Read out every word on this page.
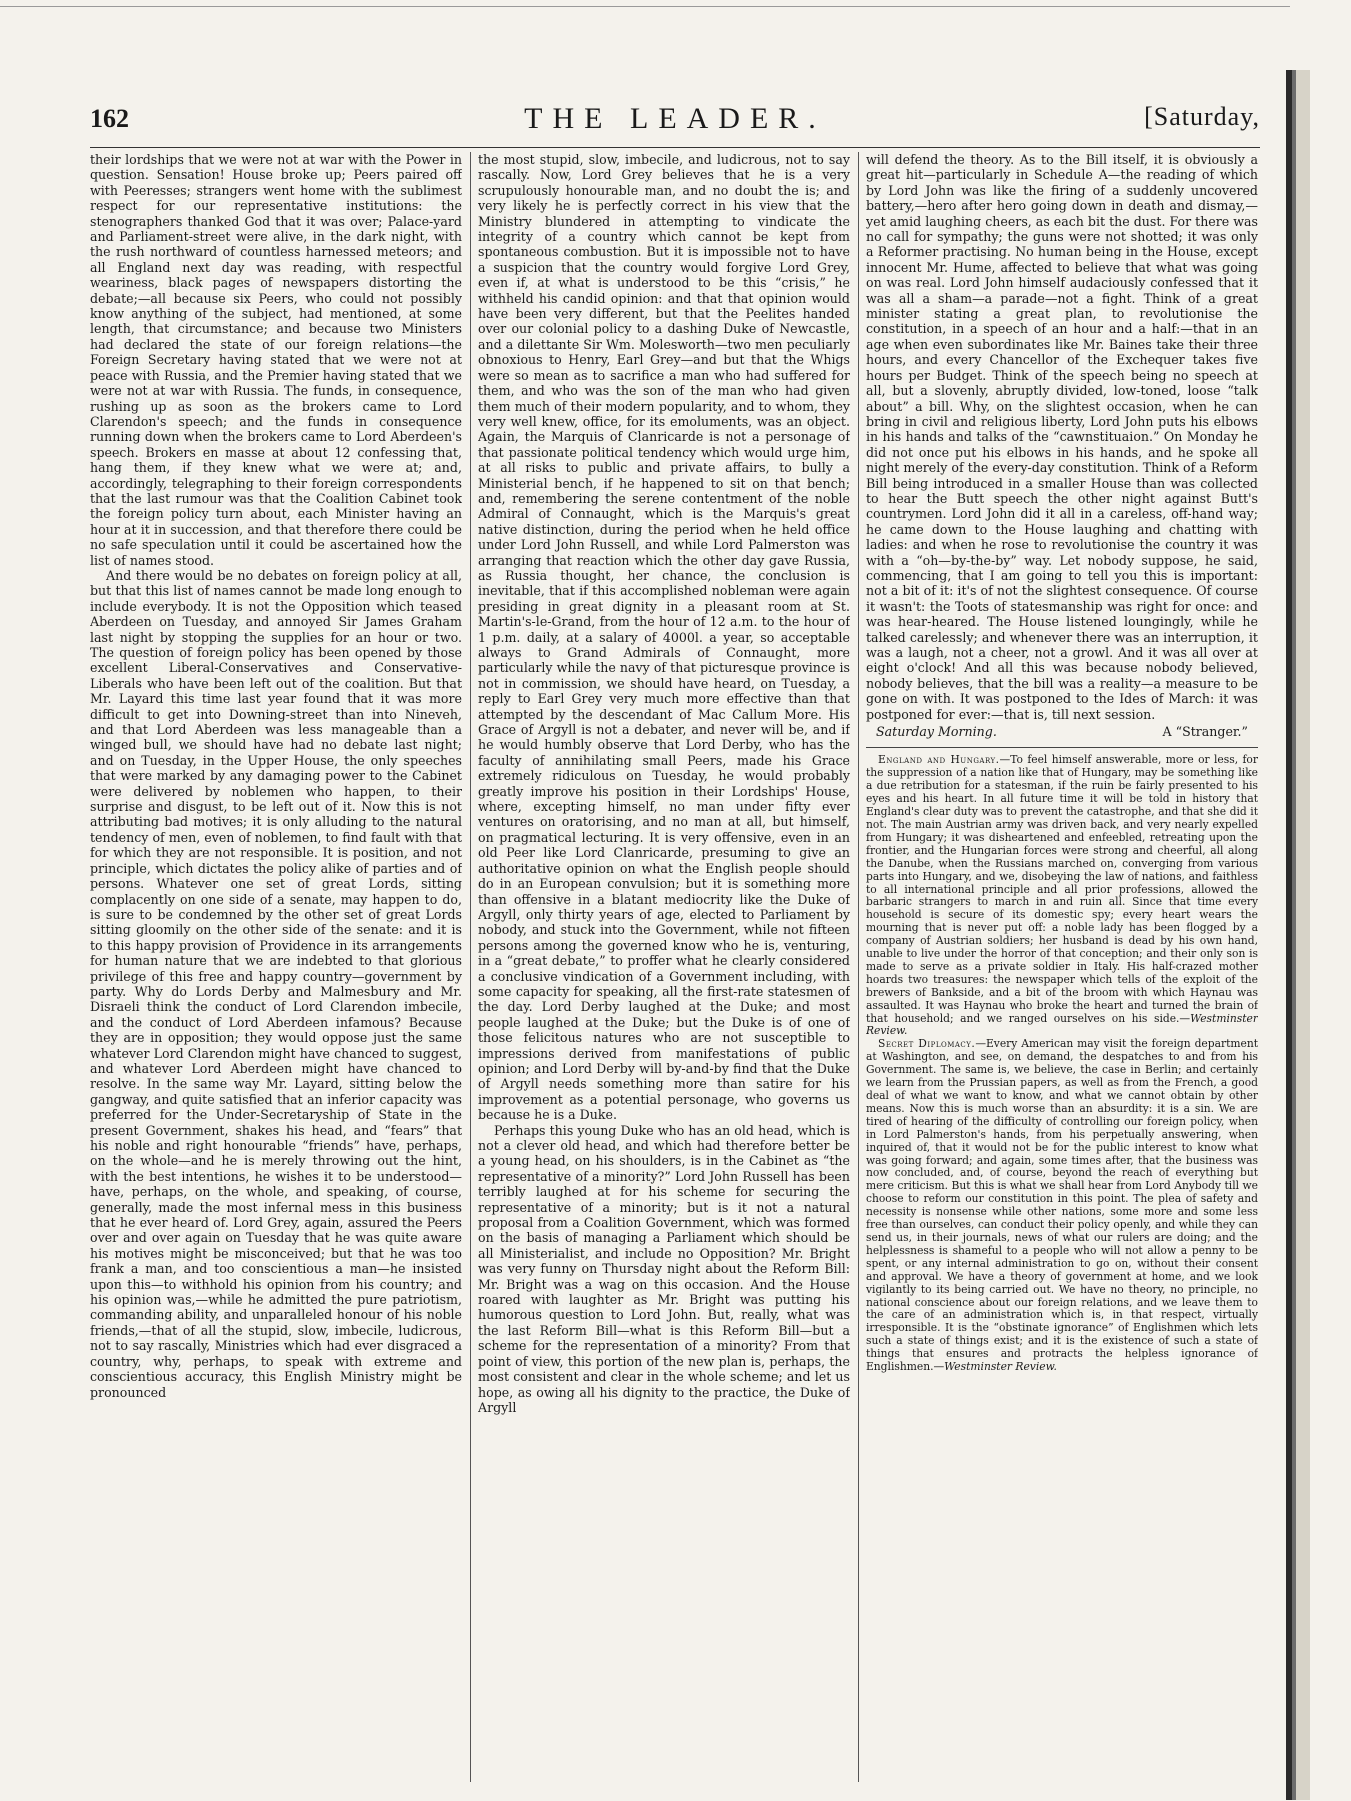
162	THE LEADER.	[Saturday,

their lordships that we were not at war with the Power in question. Sensation! House broke up; Peers paired off with Peeresses; strangers went home with the sublimest respect for our representative institutions: the stenographers thanked God that it was over; Palace-yard and Parliament-street were alive, in the dark night, with the rush northward of countless harnessed meteors; and all England next day was reading, with respectful weariness, black pages of newspapers distorting the debate;—all because six Peers, who could not possibly know anything of the subject, had mentioned, at some length, that circumstance; and because two Ministers had declared the state of our foreign relations—the Foreign Secretary having stated that we were not at peace with Russia, and the Premier having stated that we were not at war with Russia. The funds, in consequence, rushing up as soon as the brokers came to Lord Clarendon's speech; and the funds in consequence running down when the brokers came to Lord Aberdeen's speech. Brokers en masse at about 12 confessing that, hang them, if they knew what we were at; and, accordingly, telegraphing to their foreign correspondents that the last rumour was that the Coalition Cabinet took the foreign policy turn about, each Minister having an hour at it in succession, and that therefore there could be no safe speculation until it could be ascertained how the list of names stood.

And there would be no debates on foreign policy at all, but that this list of names cannot be made long enough to include everybody. It is not the Opposition which teased Aberdeen on Tuesday, and annoyed Sir James Graham last night by stopping the supplies for an hour or two. The question of foreign policy has been opened by those excellent Liberal-Conservatives and Conservative-Liberals who have been left out of the coalition. But that Mr. Layard this time last year found that it was more difficult to get into Downing-street than into Nineveh, and that Lord Aberdeen was less manageable than a winged bull, we should have had no debate last night; and on Tuesday, in the Upper House, the only speeches that were marked by any damaging power to the Cabinet were delivered by noblemen who happen, to their surprise and disgust, to be left out of it. Now this is not attributing bad motives; it is only alluding to the natural tendency of men, even of noblemen, to find fault with that for which they are not responsible. It is position, and not principle, which dictates the policy alike of parties and of persons. Whatever one set of great Lords, sitting complacently on one side of a senate, may happen to do, is sure to be condemned by the other set of great Lords sitting gloomily on the other side of the senate: and it is to this happy provision of Providence in its arrangements for human nature that we are indebted to that glorious privilege of this free and happy country—government by party. Why do Lords Derby and Malmesbury and Mr. Disraeli think the conduct of Lord Clarendon imbecile, and the conduct of Lord Aberdeen infamous? Because they are in opposition; they would oppose just the same whatever Lord Clarendon might have chanced to suggest, and whatever Lord Aberdeen might have chanced to resolve. In the same way Mr. Layard, sitting below the gangway, and quite satisfied that an inferior capacity was preferred for the Under-Secretaryship of State in the present Government, shakes his head, and “fears” that his noble and right honourable “friends” have, perhaps, on the whole—and he is merely throwing out the hint, with the best intentions, he wishes it to be understood—have, perhaps, on the whole, and speaking, of course, generally, made the most infernal mess in this business that he ever heard of. Lord Grey, again, assured the Peers over and over again on Tuesday that he was quite aware his motives might be misconceived; but that he was too frank a man, and too conscientious a man—he insisted upon this—to withhold his opinion from his country; and his opinion was,—while he admitted the pure patriotism, commanding ability, and unparalleled honour of his noble friends,—that of all the stupid, slow, imbecile, ludicrous, not to say rascally, Ministries which had ever disgraced a country, why, perhaps, to speak with extreme and conscientious accuracy, this English Ministry might be pronounced

the most stupid, slow, imbecile, and ludicrous, not to say rascally. Now, Lord Grey believes that he is a very scrupulously honourable man, and no doubt the is; and very likely he is perfectly correct in his view that the Ministry blundered in attempting to vindicate the integrity of a country which cannot be kept from spontaneous combustion. But it is impossible not to have a suspicion that the country would forgive Lord Grey, even if, at what is understood to be this “crisis,” he withheld his candid opinion: and that that opinion would have been very different, but that the Peelites handed over our colonial policy to a dashing Duke of Newcastle, and a dilettante Sir Wm. Molesworth—two men peculiarly obnoxious to Henry, Earl Grey—and but that the Whigs were so mean as to sacrifice a man who had suffered for them, and who was the son of the man who had given them much of their modern popularity, and to whom, they very well knew, office, for its emoluments, was an object. Again, the Marquis of Clanricarde is not a personage of that passionate political tendency which would urge him, at all risks to public and private affairs, to bully a Ministerial bench, if he happened to sit on that bench; and, remembering the serene contentment of the noble Admiral of Connaught, which is the Marquis's great native distinction, during the period when he held office under Lord John Russell, and while Lord Palmerston was arranging that reaction which the other day gave Russia, as Russia thought, her chance, the conclusion is inevitable, that if this accomplished nobleman were again presiding in great dignity in a pleasant room at St. Martin's-le-Grand, from the hour of 12 a.m. to the hour of 1 p.m. daily, at a salary of 4000l. a year, so acceptable always to Grand Admirals of Connaught, more particularly while the navy of that picturesque province is not in commission, we should have heard, on Tuesday, a reply to Earl Grey very much more effective than that attempted by the descendant of Mac Callum More. His Grace of Argyll is not a debater, and never will be, and if he would humbly observe that Lord Derby, who has the faculty of annihilating small Peers, made his Grace extremely ridiculous on Tuesday, he would probably greatly improve his position in their Lordships' House, where, excepting himself, no man under fifty ever ventures on oratorising, and no man at all, but himself, on pragmatical lecturing. It is very offensive, even in an old Peer like Lord Clanricarde, presuming to give an authoritative opinion on what the English people should do in an European convulsion; but it is something more than offensive in a blatant mediocrity like the Duke of Argyll, only thirty years of age, elected to Parliament by nobody, and stuck into the Government, while not fifteen persons among the governed know who he is, venturing, in a “great debate,” to proffer what he clearly considered a conclusive vindication of a Government including, with some capacity for speaking, all the first-rate statesmen of the day. Lord Derby laughed at the Duke; and most people laughed at the Duke; but the Duke is of one of those felicitous natures who are not susceptible to impressions derived from manifestations of public opinion; and Lord Derby will by-and-by find that the Duke of Argyll needs something more than satire for his improvement as a potential personage, who governs us because he is a Duke.

Perhaps this young Duke who has an old head, which is not a clever old head, and which had therefore better be a young head, on his shoulders, is in the Cabinet as “the representative of a minority?” Lord John Russell has been terribly laughed at for his scheme for securing the representative of a minority; but is it not a natural proposal from a Coalition Government, which was formed on the basis of managing a Parliament which should be all Ministerialist, and include no Opposition? Mr. Bright was very funny on Thursday night about the Reform Bill: Mr. Bright was a wag on this occasion. And the House roared with laughter as Mr. Bright was putting his humorous question to Lord John. But, really, what was the last Reform Bill—what is this Reform Bill—but a scheme for the representation of a minority? From that point of view, this portion of the new plan is, perhaps, the most consistent and clear in the whole scheme; and let us hope, as owing all his dignity to the practice, the Duke of Argyll

will defend the theory. As to the Bill itself, it is obviously a great hit—particularly in Schedule A—the reading of which by Lord John was like the firing of a suddenly uncovered battery,—hero after hero going down in death and dismay,—yet amid laughing cheers, as each bit the dust. For there was no call for sympathy; the guns were not shotted; it was only a Reformer practising. No human being in the House, except innocent Mr. Hume, affected to believe that what was going on was real. Lord John himself audaciously confessed that it was all a sham—a parade—not a fight. Think of a great minister stating a great plan, to revolutionise the constitution, in a speech of an hour and a half:—that in an age when even subordinates like Mr. Baines take their three hours, and every Chancellor of the Exchequer takes five hours per Budget. Think of the speech being no speech at all, but a slovenly, abruptly divided, low-toned, loose “talk about” a bill. Why, on the slightest occasion, when he can bring in civil and religious liberty, Lord John puts his elbows in his hands and talks of the “cawnstituaion.” On Monday he did not once put his elbows in his hands, and he spoke all night merely of the every-day constitution. Think of a Reform Bill being introduced in a smaller House than was collected to hear the Butt speech the other night against Butt's countrymen. Lord John did it all in a careless, off-hand way; he came down to the House laughing and chatting with ladies: and when he rose to revolutionise the country it was with a “oh—by-the-by” way. Let nobody suppose, he said, commencing, that I am going to tell you this is important: not a bit of it: it's of not the slightest consequence. Of course it wasn't: the Toots of statesmanship was right for once: and was hear-heared. The House listened loungingly, while he talked carelessly; and whenever there was an interruption, it was a laugh, not a cheer, not a growl. And it was all over at eight o'clock! And all this was because nobody believed, nobody believes, that the bill was a reality—a measure to be gone on with. It was postponed to the Ides of March: it was postponed for ever:—that is, till next session.

Saturday Morning.	A “Stranger.”

England and Hungary.—To feel himself answerable, more or less, for the suppression of a nation like that of Hungary, may be something like a due retribution for a statesman, if the ruin be fairly presented to his eyes and his heart. In all future time it will be told in history that England's clear duty was to prevent the catastrophe, and that she did it not. The main Austrian army was driven back, and very nearly expelled from Hungary; it was disheartened and enfeebled, retreating upon the frontier, and the Hungarian forces were strong and cheerful, all along the Danube, when the Russians marched on, converging from various parts into Hungary, and we, disobeying the law of nations, and faithless to all international principle and all prior professions, allowed the barbaric strangers to march in and ruin all. Since that time every household is secure of its domestic spy; every heart wears the mourning that is never put off: a noble lady has been flogged by a company of Austrian soldiers; her husband is dead by his own hand, unable to live under the horror of that conception; and their only son is made to serve as a private soldier in Italy. His half-crazed mother hoards two treasures: the newspaper which tells of the exploit of the brewers of Bankside, and a bit of the broom with which Haynau was assaulted. It was Haynau who broke the heart and turned the brain of that household; and we ranged ourselves on his side.—Westminster Review.

Secret Diplomacy.—Every American may visit the foreign department at Washington, and see, on demand, the despatches to and from his Government. The same is, we believe, the case in Berlin; and certainly we learn from the Prussian papers, as well as from the French, a good deal of what we want to know, and what we cannot obtain by other means. Now this is much worse than an absurdity: it is a sin. We are tired of hearing of the difficulty of controlling our foreign policy, when in Lord Palmerston's hands, from his perpetually answering, when inquired of, that it would not be for the public interest to know what was going forward; and again, some times after, that the business was now concluded, and, of course, beyond the reach of everything but mere criticism. But this is what we shall hear from Lord Anybody till we choose to reform our constitution in this point. The plea of safety and necessity is nonsense while other nations, some more and some less free than ourselves, can conduct their policy openly, and while they can send us, in their journals, news of what our rulers are doing; and the helplessness is shameful to a people who will not allow a penny to be spent, or any internal administration to go on, without their consent and approval. We have a theory of government at home, and we look vigilantly to its being carried out. We have no theory, no principle, no national conscience about our foreign relations, and we leave them to the care of an administration which is, in that respect, virtually irresponsible. It is the “obstinate ignorance” of Englishmen which lets such a state of things exist; and it is the existence of such a state of things that ensures and protracts the helpless ignorance of Englishmen.—Westminster Review.
